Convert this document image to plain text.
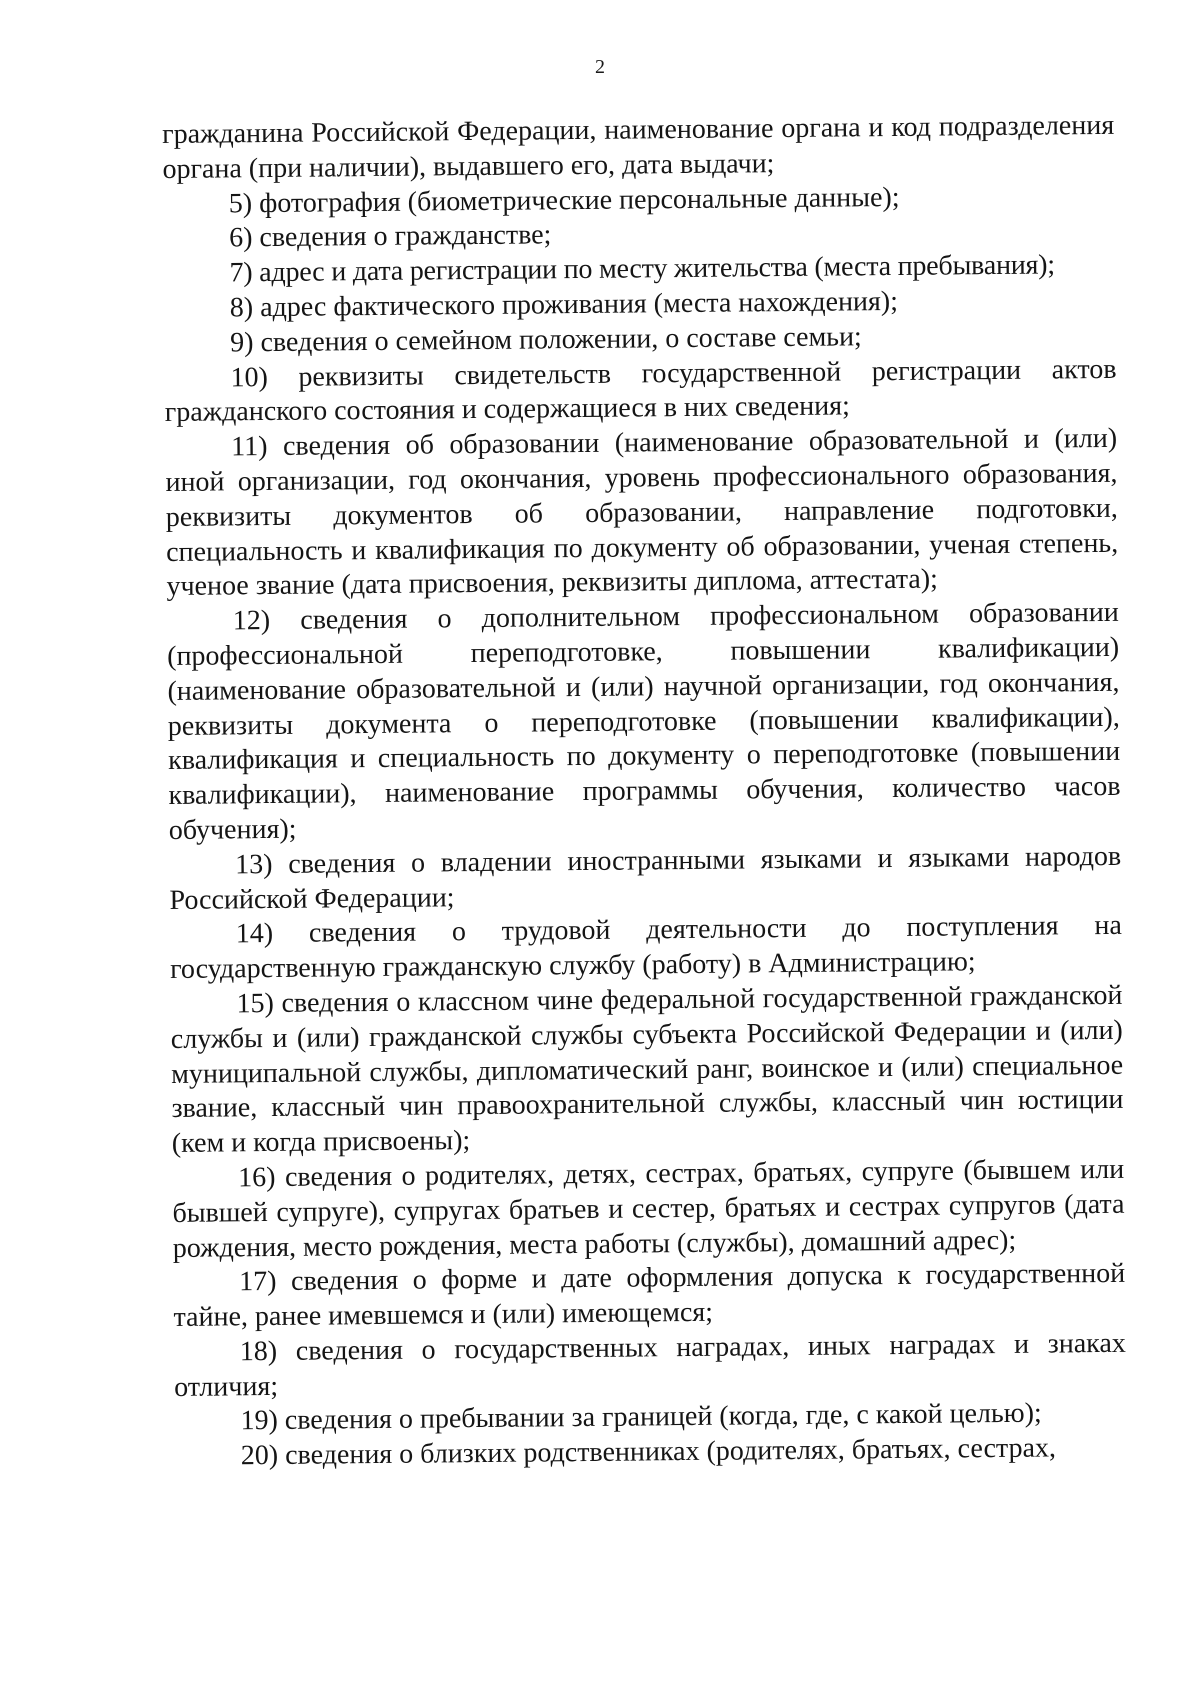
2

гражданина Российской Федерации, наименование органа и код подразделения органа (при наличии), выдавшего его, дата выдачи;

5) фотография (биометрические персональные данные);

6) сведения о гражданстве;

7) адрес и дата регистрации по месту жительства (места пребывания);

8) адрес фактического проживания (места нахождения);

9) сведения о семейном положении, о составе семьи;

10) реквизиты свидетельств государственной регистрации актов гражданского состояния и содержащиеся в них сведения;

11) сведения об образовании (наименование образовательной и (или) иной организации, год окончания, уровень профессионального образования, реквизиты документов об образовании, направление подготовки, специальность и квалификация по документу об образовании, ученая степень, ученое звание (дата присвоения, реквизиты диплома, аттестата);

12) сведения о дополнительном профессиональном образовании (профессиональной переподготовке, повышении квалификации) (наименование образовательной и (или) научной организации, год окончания, реквизиты документа о переподготовке (повышении квалификации), квалификация и специальность по документу о переподготовке (повышении квалификации), наименование программы обучения, количество часов обучения);

13) сведения о владении иностранными языками и языками народов Российской Федерации;

14) сведения о трудовой деятельности до поступления на государственную гражданскую службу (работу) в Администрацию;

15) сведения о классном чине федеральной государственной гражданской службы и (или) гражданской службы субъекта Российской Федерации и (или) муниципальной службы, дипломатический ранг, воинское и (или) специальное звание, классный чин правоохранительной службы, классный чин юстиции (кем и когда присвоены);

16) сведения о родителях, детях, сестрах, братьях, супруге (бывшем или бывшей супруге), супругах братьев и сестер, братьях и сестрах супругов (дата рождения, место рождения, места работы (службы), домашний адрес);

17) сведения о форме и дате оформления допуска к государственной тайне, ранее имевшемся и (или) имеющемся;

18) сведения о государственных наградах, иных наградах и знаках отличия;

19) сведения о пребывании за границей (когда, где, с какой целью);

20) сведения о близких родственниках (родителях, братьях, сестрах,
